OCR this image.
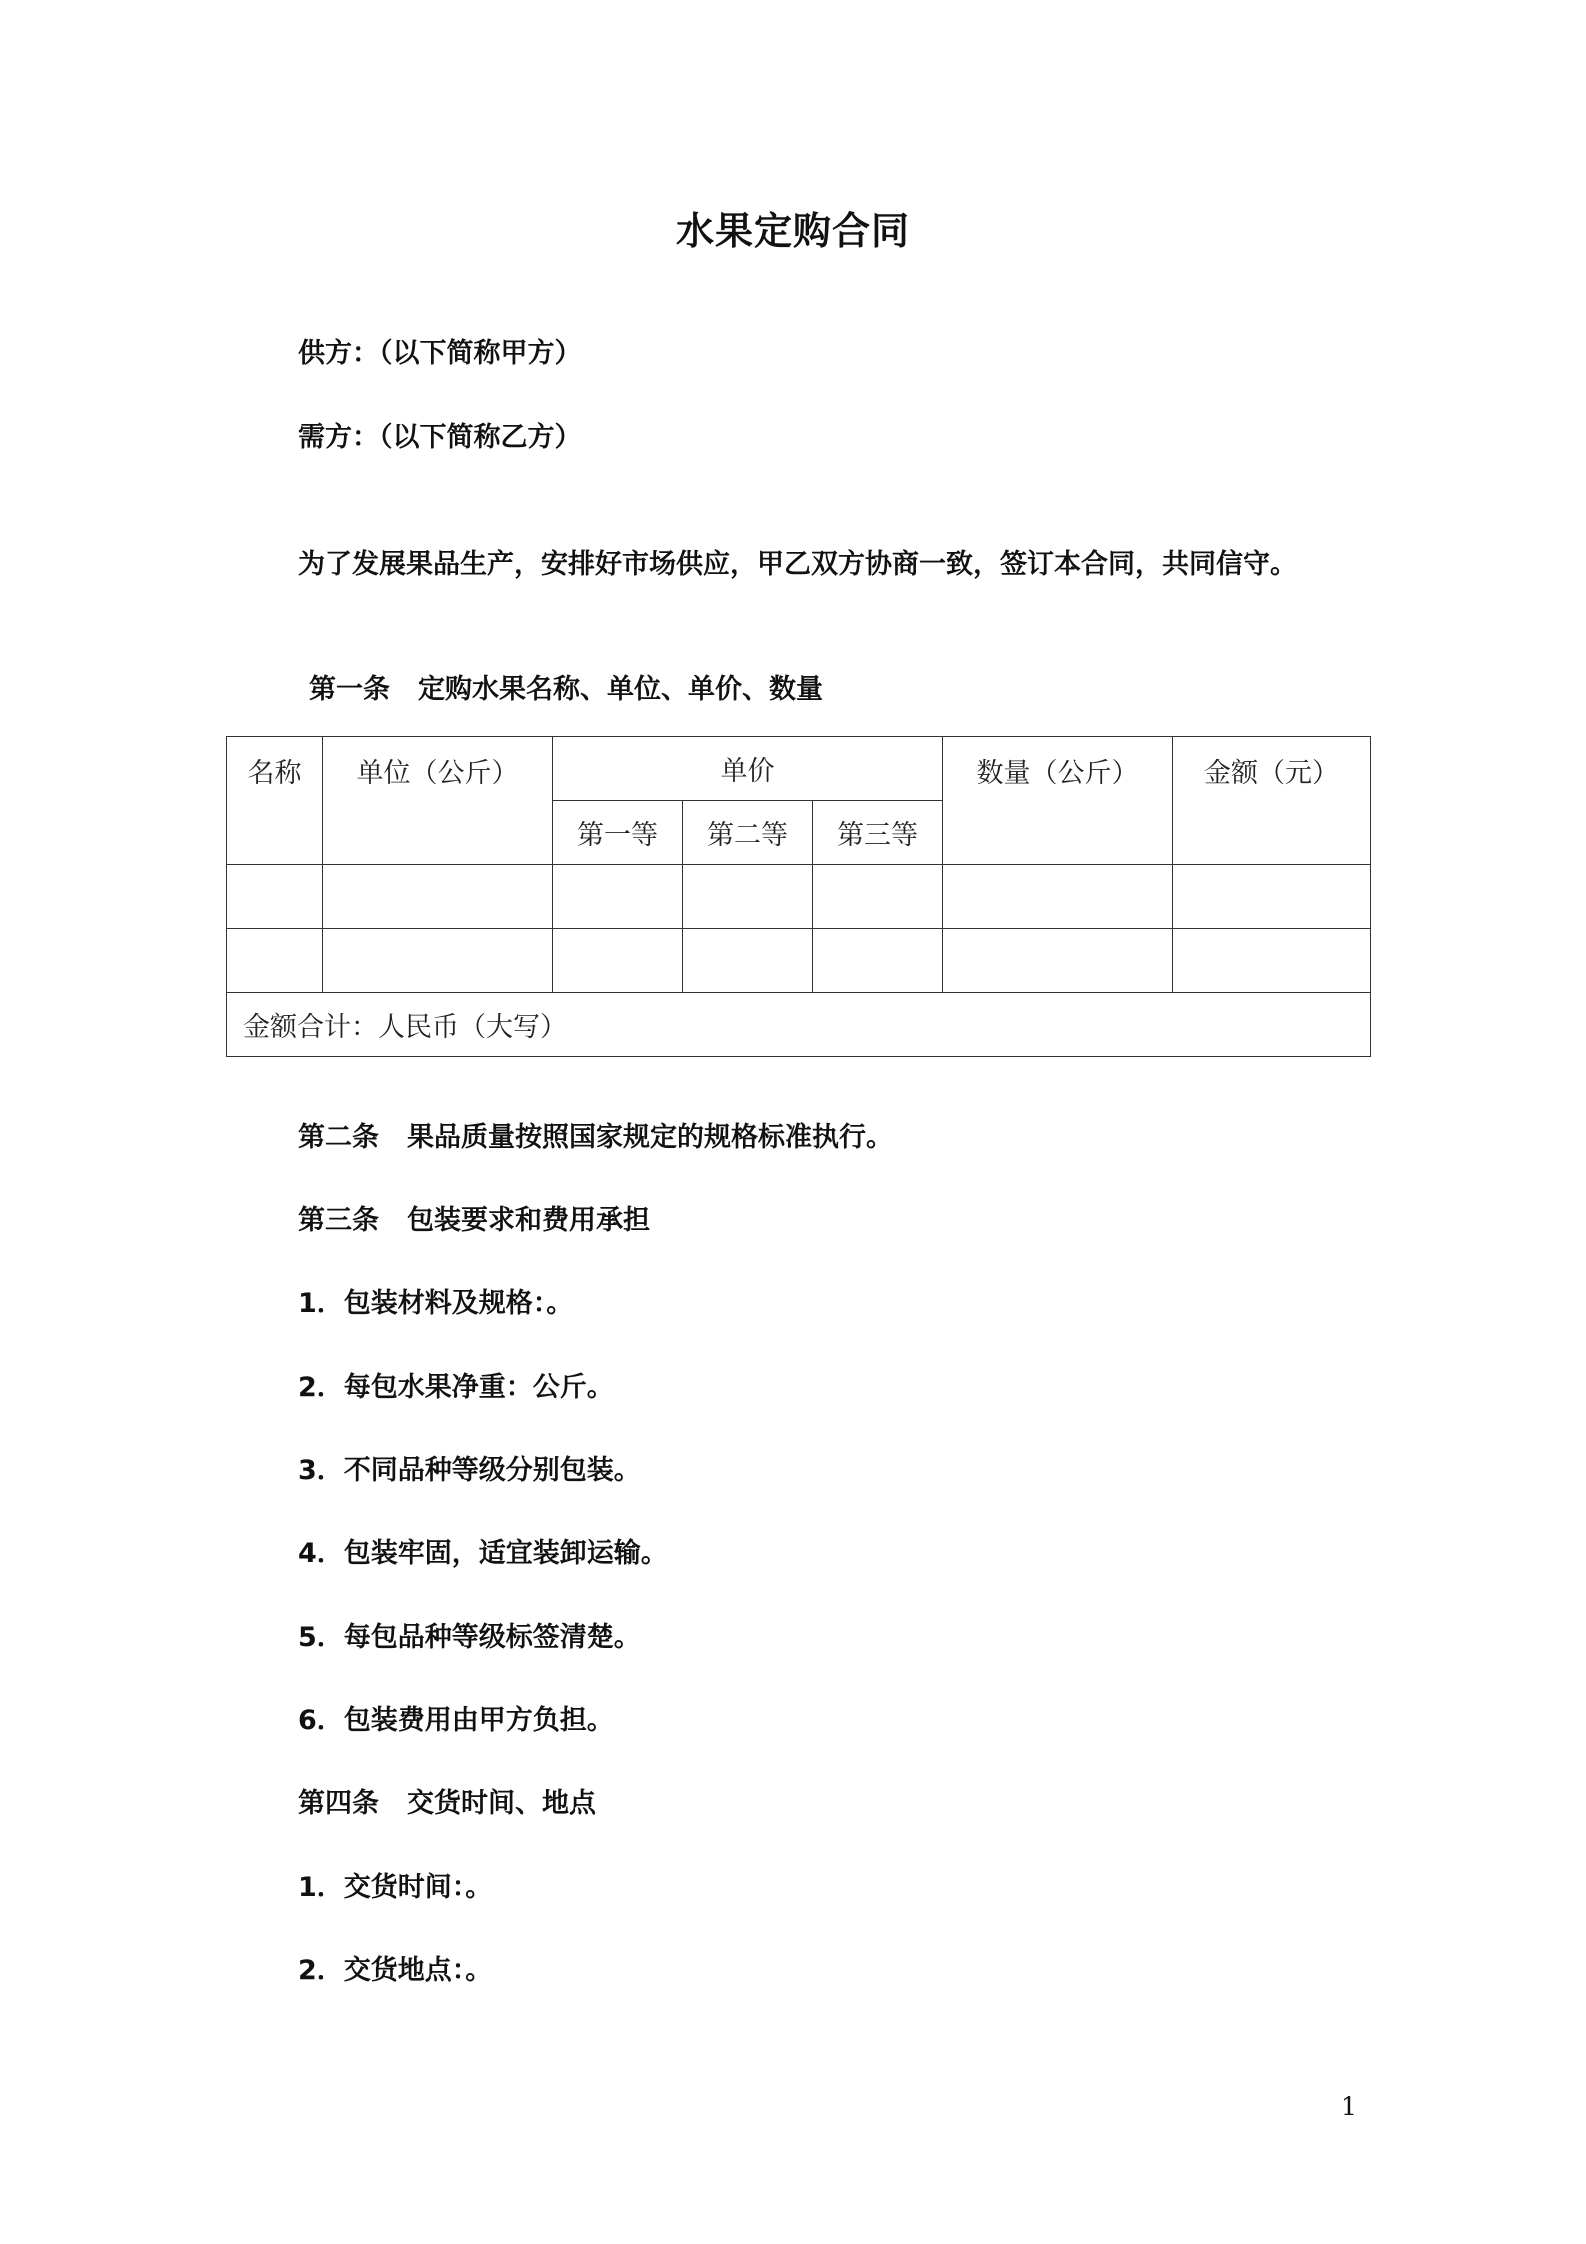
水果定购合同
供方：（以下简称甲方）
需方：（以下简称乙方）
为了发展果品生产，安排好市场供应，甲乙双方协商一致，签订本合同，共同信守。
第一条 定购水果名称、单位、单价、数量
名称	单位（公斤）	单价			数量（公斤）	金额（元）
		第一等	第二等	第三等		

金额合计：人民币（大写）						
第二条 果品质量按照国家规定的规格标准执行。
第三条 包装要求和费用承担
1．包装材料及规格：。
2．每包水果净重：公斤。
3．不同品种等级分别包装。
4．包装牢固，适宜装卸运输。
5．每包品种等级标签清楚。
6．包装费用由甲方负担。
第四条 交货时间、地点
1．交货时间：。
2．交货地点：。
1
